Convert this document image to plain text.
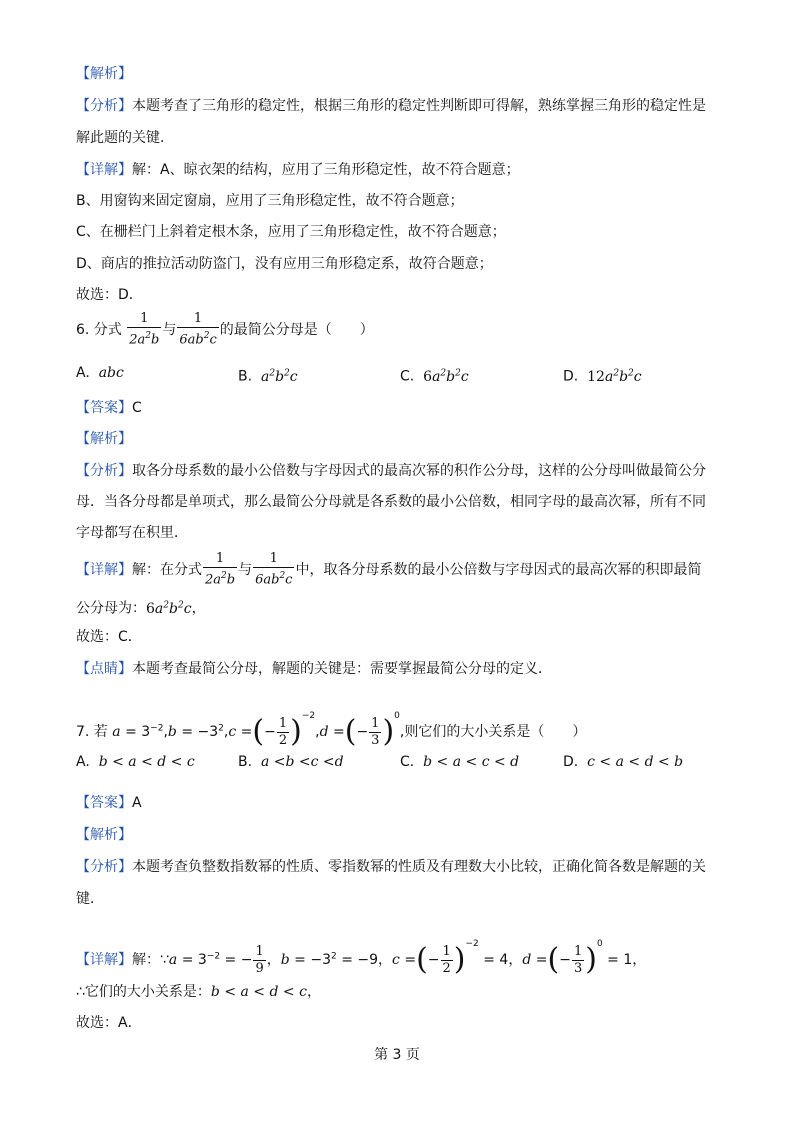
【解析】
【分析】本题考查了三角形的稳定性，根据三角形的稳定性判断即可得解，熟练掌握三角形的稳定性是
解此题的关键．
【详解】解：A、晾衣架的结构，应用了三角形稳定性，故不符合题意；
B、用窗钩来固定窗扇，应用了三角形稳定性，故不符合题意；
C、在栅栏门上斜着定根木条，应用了三角形稳定性，故不符合题意；
D、商店的推拉活动防盗门，没有应用三角形稳定系，故符合题意；
故选：D．
6. 分式 $\frac{1}{2a^2b}$ 与 $\frac{1}{6ab^2c}$ 的最简公分母是（　　）
A. abc	B. $a^2b^2c$	C. $6a^2b^2c$	D. $12a^2b^2c$
【答案】C
【解析】
【分析】取各分母系数的最小公倍数与字母因式的最高次幂的积作公分母，这样的公分母叫做最简公分
母．当各分母都是单项式，那么最简公分母就是各系数的最小公倍数，相同字母的最高次幂，所有不同
字母都写在积里．
【详解】解：在分式 $\frac{1}{2a^2b}$ 与 $\frac{1}{6ab^2c}$ 中，取各分母系数的最小公倍数与字母因式的最高次幂的积即最简
公分母为：$6a^2b^2c$，
故选：C．
【点睛】本题考查最简公分母，解题的关键是：需要掌握最简公分母的定义．
7. 若 $a = 3^{-2},b = -3^2,c$ =(− $\frac{1}{2} )^{-2},d$ =(− $\frac{1}{3} )^0$,则它们的大小关系是（　　）
A. b < a < d < c	B. a <b <c <d	C. b < a < c < d	D. c < a < d < b
【答案】A
【解析】
【分析】本题考查负整数指数幂的性质、零指数幂的性质及有理数大小比较，正确化简各数是解题的关
键．
【详解】解：∵a = $3^{-2}$ = − $\frac{1}{9}$ ，$b = -3^2 = -9$，c =(− $\frac{1}{2} )^{-2} = 4$，d =(− $\frac{1}{3} )^0 = 1$，
∴它们的大小关系是：b < a < d < c，
故选：A．
第 3 页
